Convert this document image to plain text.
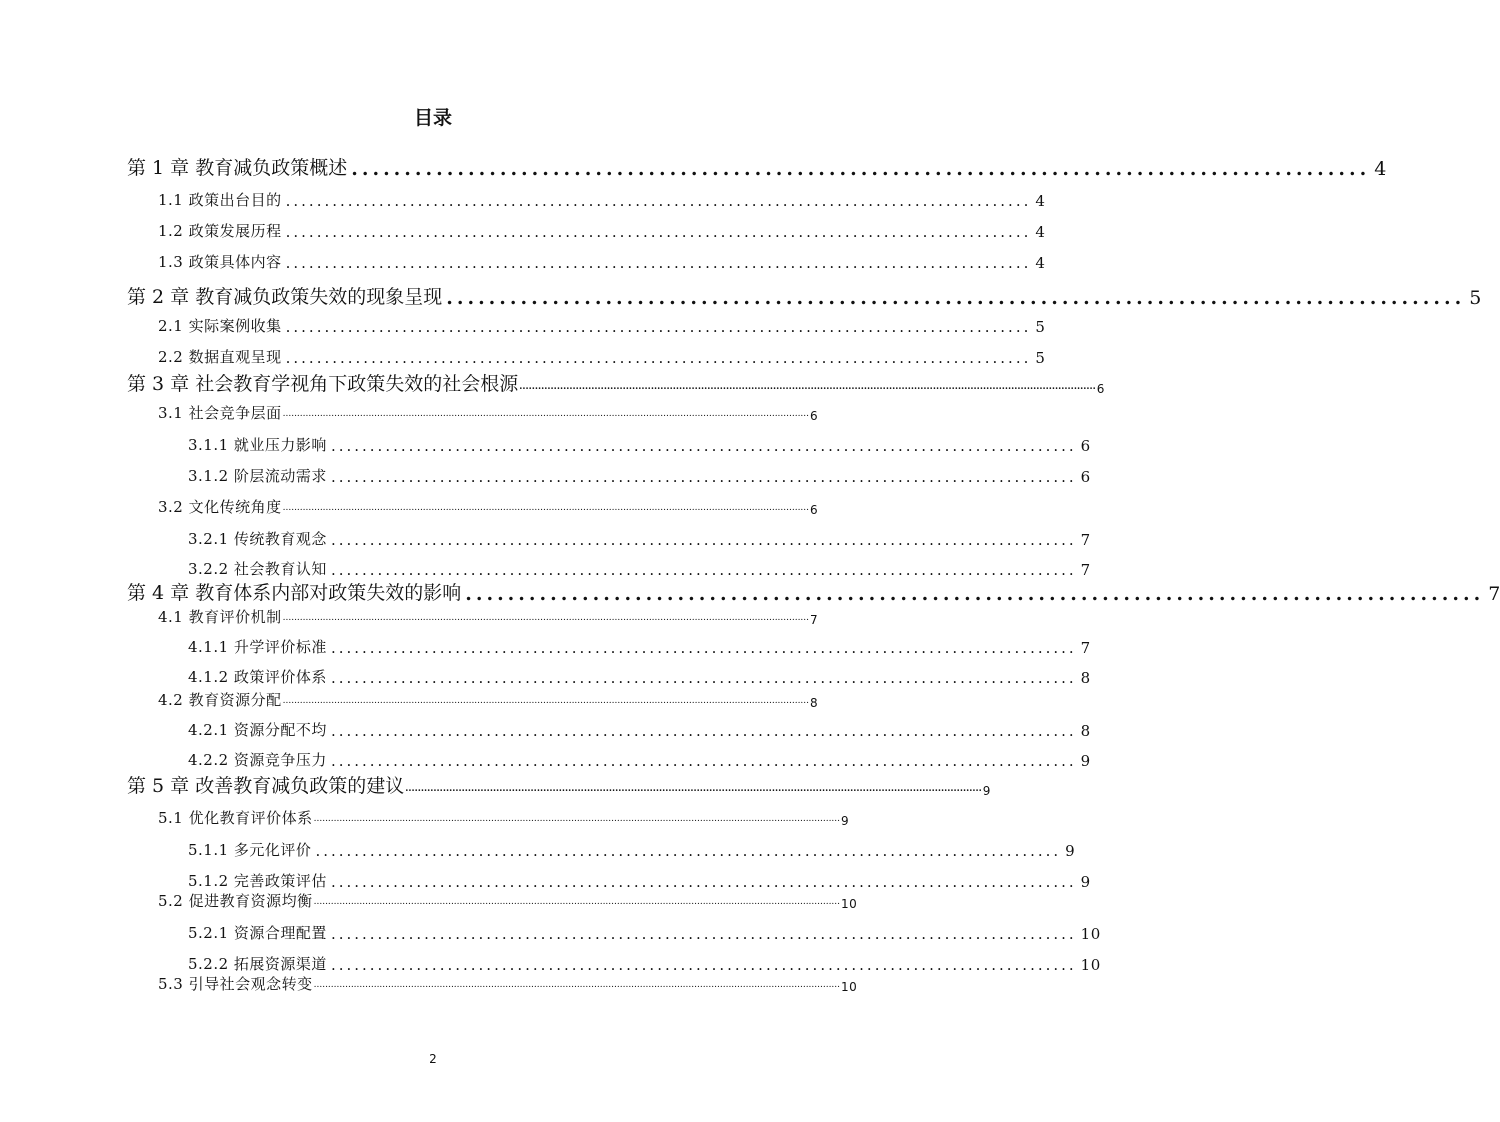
目录
第 1 章 教育减负政策概述 ................................................................................................ 4
1.1 政策出台目的 ................................................................................................ 4
1.2 政策发展历程 ................................................................................................ 4
1.3 政策具体内容 ................................................................................................ 4
第 2 章 教育减负政策失效的现象呈现 ................................................................................................ 5
2.1 实际案例收集 ................................................................................................ 5
2.2 数据直观呈现 ................................................................................................ 5
第 3 章 社会教育学视角下政策失效的社会根源 ........................................................................................................................................................................................ 6
3.1 社会竞争层面 ........................................................................................................................................................................................ 6
3.1.1 就业压力影响 ................................................................................................ 6
3.1.2 阶层流动需求 ................................................................................................ 6
3.2 文化传统角度 ........................................................................................................................................................................................ 6
3.2.1 传统教育观念 ................................................................................................ 7
3.2.2 社会教育认知 ................................................................................................ 7
第 4 章 教育体系内部对政策失效的影响 ................................................................................................ 7
4.1 教育评价机制 ........................................................................................................................................................................................ 7
4.1.1 升学评价标准 ................................................................................................ 7
4.1.2 政策评价体系 ................................................................................................ 8
4.2 教育资源分配 ........................................................................................................................................................................................ 8
4.2.1 资源分配不均 ................................................................................................ 8
4.2.2 资源竞争压力 ................................................................................................ 9
第 5 章 改善教育减负政策的建议 ........................................................................................................................................................................................ 9
5.1 优化教育评价体系 ........................................................................................................................................................................................ 9
5.1.1 多元化评价 ................................................................................................ 9
5.1.2 完善政策评估 ................................................................................................ 9
5.2 促进教育资源均衡 ........................................................................................................................................................................................ 10
5.2.1 资源合理配置 ................................................................................................ 10
5.2.2 拓展资源渠道 ................................................................................................ 10
5.3 引导社会观念转变 ........................................................................................................................................................................................ 10
2
